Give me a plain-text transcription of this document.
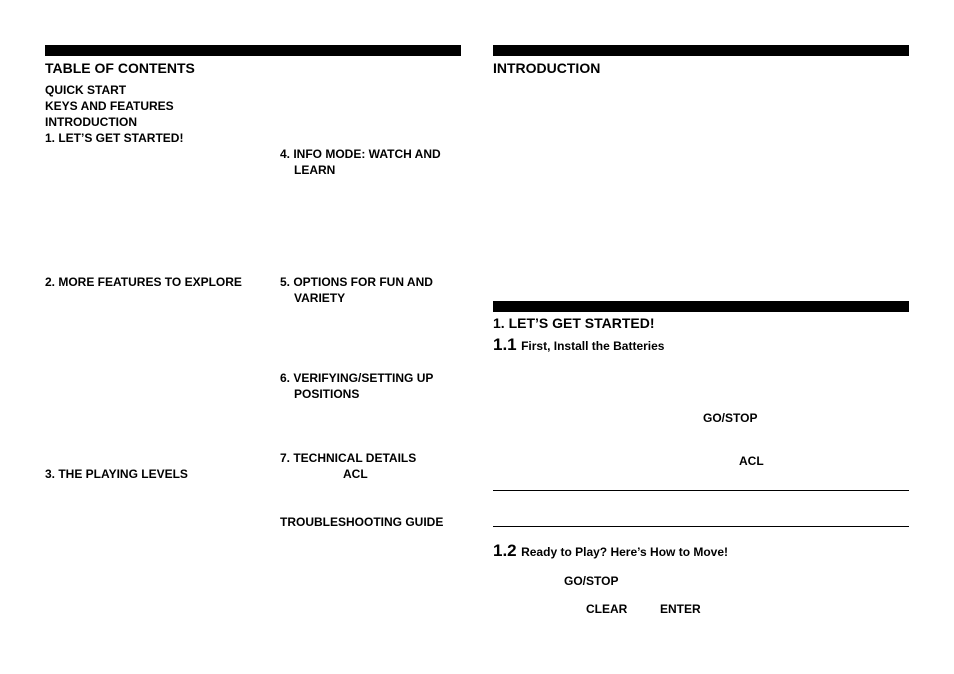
TABLE OF CONTENTS
QUICK START
KEYS AND FEATURES
INTRODUCTION
1. LET’S GET STARTED!
2. MORE FEATURES TO EXPLORE
3. THE PLAYING LEVELS
4. INFO MODE: WATCH AND
LEARN
5. OPTIONS FOR FUN AND
VARIETY
6. VERIFYING/SETTING UP
POSITIONS
7. TECHNICAL DETAILS
ACL
TROUBLESHOOTING GUIDE
INTRODUCTION
1. LET’S GET STARTED!
1.1 First, Install the Batteries
GO/STOP
ACL
1.2 Ready to Play? Here’s How to Move!
GO/STOP
CLEAR	ENTER
